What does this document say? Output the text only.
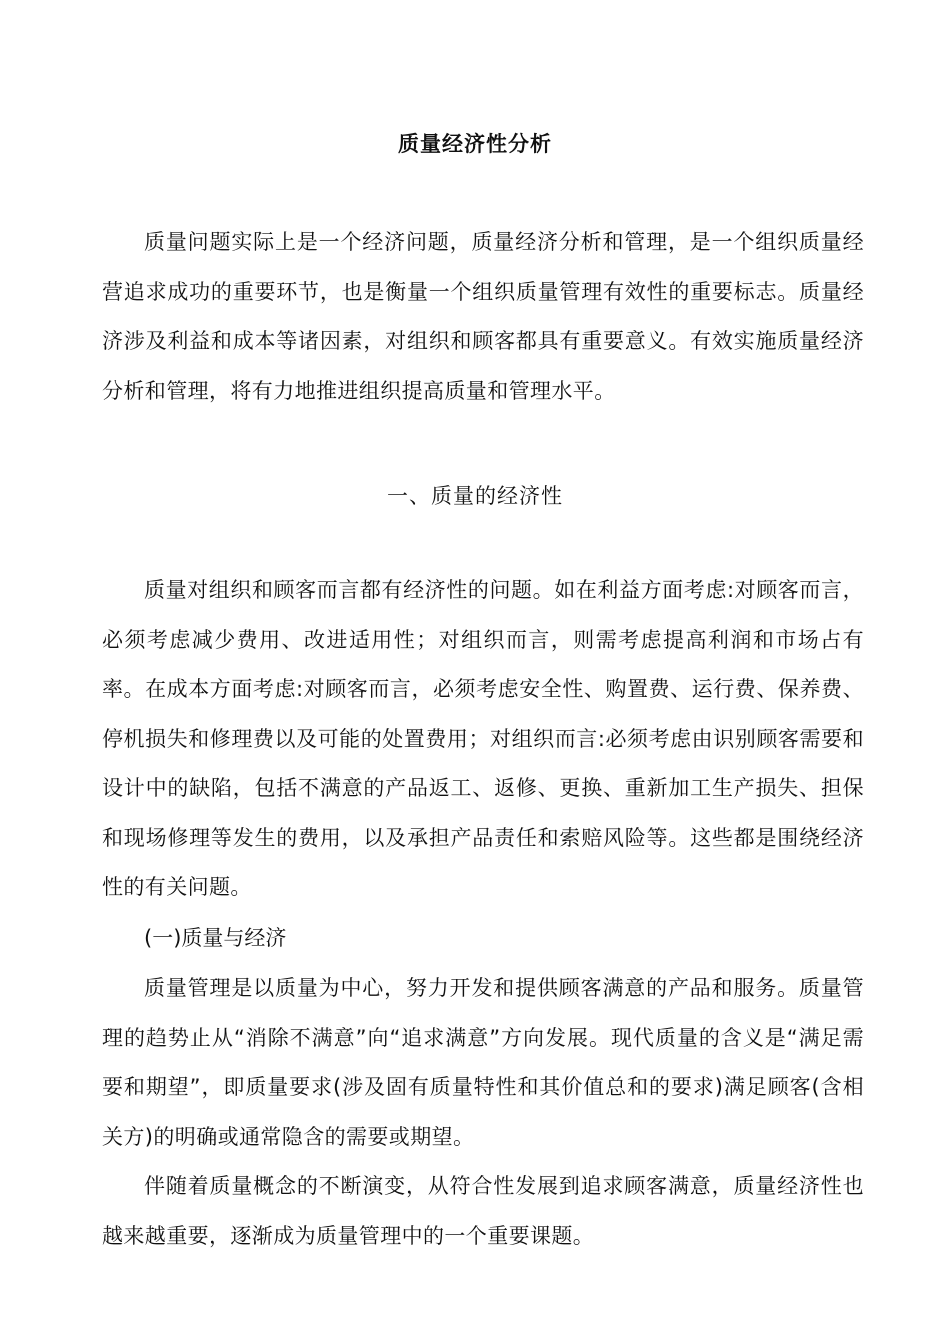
质量经济性分析

质量问题实际上是一个经济问题，质量经济分析和管理，是一个组织质量经营追求成功的重要环节，也是衡量一个组织质量管理有效性的重要标志。质量经济涉及利益和成本等诸因素，对组织和顾客都具有重要意义。有效实施质量经济分析和管理，将有力地推进组织提高质量和管理水平。

一、质量的经济性

质量对组织和顾客而言都有经济性的问题。如在利益方面考虑:对顾客而言，必须考虑减少费用、改进适用性；对组织而言，则需考虑提高利润和市场占有率。在成本方面考虑:对顾客而言，必须考虑安全性、购置费、运行费、保养费、停机损失和修理费以及可能的处置费用；对组织而言:必须考虑由识别顾客需要和设计中的缺陷，包括不满意的产品返工、返修、更换、重新加工生产损失、担保和现场修理等发生的费用，以及承担产品责任和索赔风险等。这些都是围绕经济性的有关问题。

(一)质量与经济

质量管理是以质量为中心，努力开发和提供顾客满意的产品和服务。质量管理的趋势止从“消除不满意”向“追求满意”方向发展。现代质量的含义是“满足需要和期望”，即质量要求(涉及固有质量特性和其价值总和的要求)满足顾客(含相关方)的明确或通常隐含的需要或期望。

伴随着质量概念的不断演变，从符合性发展到追求顾客满意，质量经济性也越来越重要，逐渐成为质量管理中的一个重要课题。
